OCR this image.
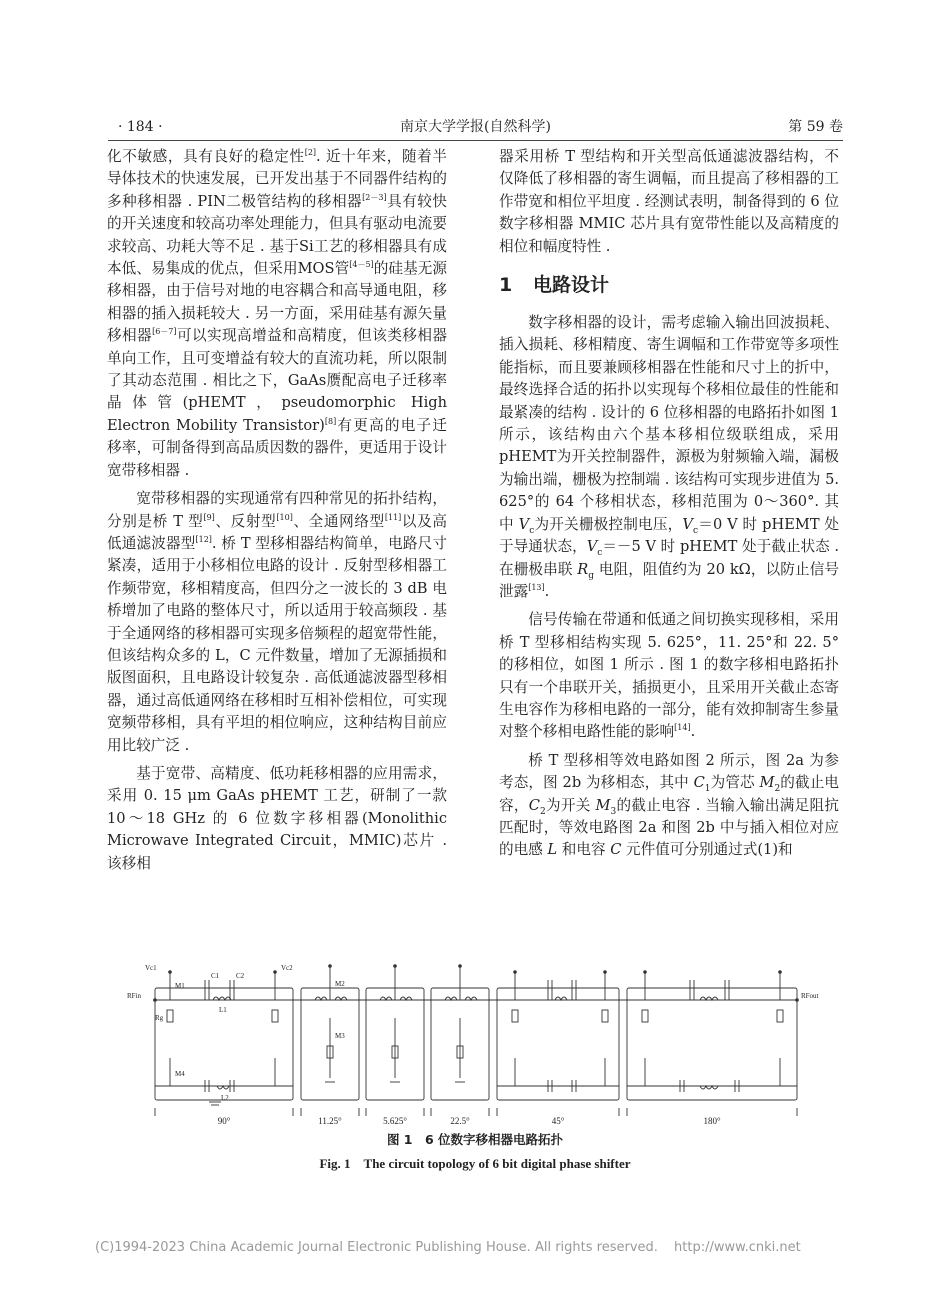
· 184 ·	南京大学学报(自然科学)	第 59 卷

化不敏感，具有良好的稳定性[2]. 近十年来，随着半导体技术的快速发展，已开发出基于不同器件结构的多种移相器 . PIN二极管结构的移相器[2－3]具有较快的开关速度和较高功率处理能力，但具有驱动电流要求较高、功耗大等不足 . 基于Si工艺的移相器具有成本低、易集成的优点，但采用MOS管[4－5]的硅基无源移相器，由于信号对地的电容耦合和高导通电阻，移相器的插入损耗较大 . 另一方面，采用硅基有源矢量移相器[6－7]可以实现高增益和高精度，但该类移相器单向工作，且可变增益有较大的直流功耗，所以限制了其动态范围 . 相比之下，GaAs赝配高电子迁移率晶体管(pHEMT，pseudomorphic High Electron Mobility Transistor)[8]有更高的电子迁移率，可制备得到高品质因数的器件，更适用于设计宽带移相器 .

宽带移相器的实现通常有四种常见的拓扑结构，分别是桥 T 型[9]、反射型[10]、全通网络型[11]以及高低通滤波器型[12]. 桥 T 型移相器结构简单，电路尺寸紧凑，适用于小移相位电路的设计 . 反射型移相器工作频带宽，移相精度高，但四分之一波长的 3 dB 电桥增加了电路的整体尺寸，所以适用于较高频段 . 基于全通网络的移相器可实现多倍频程的超宽带性能，但该结构众多的 L，C 元件数量，增加了无源插损和版图面积，且电路设计较复杂 . 高低通滤波器型移相器，通过高低通网络在移相时互相补偿相位，可实现宽频带移相，具有平坦的相位响应，这种结构目前应用比较广泛 .

基于宽带、高精度、低功耗移相器的应用需求，采用 0. 15 μm GaAs pHEMT 工艺，研制了一款 10～18 GHz 的 6 位数字移相器(Monolithic Microwave Integrated Circuit，MMIC)芯片 . 该移相

器采用桥 T 型结构和开关型高低通滤波器结构，不仅降低了移相器的寄生调幅，而且提高了移相器的工作带宽和相位平坦度 . 经测试表明，制备得到的 6 位数字移相器 MMIC 芯片具有宽带性能以及高精度的相位和幅度特性 .

1 电路设计

数字移相器的设计，需考虑输入输出回波损耗、插入损耗、移相精度、寄生调幅和工作带宽等多项性能指标，而且要兼顾移相器在性能和尺寸上的折中，最终选择合适的拓扑以实现每个移相位最佳的性能和最紧凑的结构 . 设计的 6 位移相器的电路拓扑如图 1 所示，该结构由六个基本移相位级联组成，采用pHEMT为开关控制器件，源极为射频输入端，漏极为输出端，栅极为控制端 . 该结构可实现步进值为 5. 625°的 64 个移相状态，移相范围为 0～360°. 其中 $V_c$为开关栅极控制电压，$V_c=0$ V 时 pHEMT 处于导通状态，$V_c=-5$ V 时 pHEMT 处于截止状态 . 在栅极串联 $R_g$ 电阻，阻值约为 20 kΩ，以防止信号泄露[13].

信号传输在带通和低通之间切换实现移相，采用桥 T 型移相结构实现 5. 625°，11. 25°和 22. 5°的移相位，如图 1 所示 . 图 1 的数字移相电路拓扑只有一个串联开关，插损更小，且采用开关截止态寄生电容作为移相电路的一部分，能有效抑制寄生参量对整个移相电路性能的影响[14].

桥 T 型移相等效电路如图 2 所示，图 2a 为参考态，图 2b 为移相态，其中 $C_1$为管芯 $M_2$的截止电容，$C_2$为开关 $M_3$的截止电容 . 当输入输出满足阻抗匹配时，等效电路图 2a 和图 2b 中与插入相位对应的电感 L 和电容 C 元件值可分别通过式(1)和

RFin	RFout
Vc1	Vc2
C1 C2
L1
L2
M1	M2
M3
M4
Rg
90°	11.25°	5.625°	22.5°	45°	180°
图 1　6 位数字移相器电路拓扑
Fig. 1　The circuit topology of 6 bit digital phase shifter
(C)1994-2023 China Academic Journal Electronic Publishing House. All rights reserved. http://www.cnki.net
